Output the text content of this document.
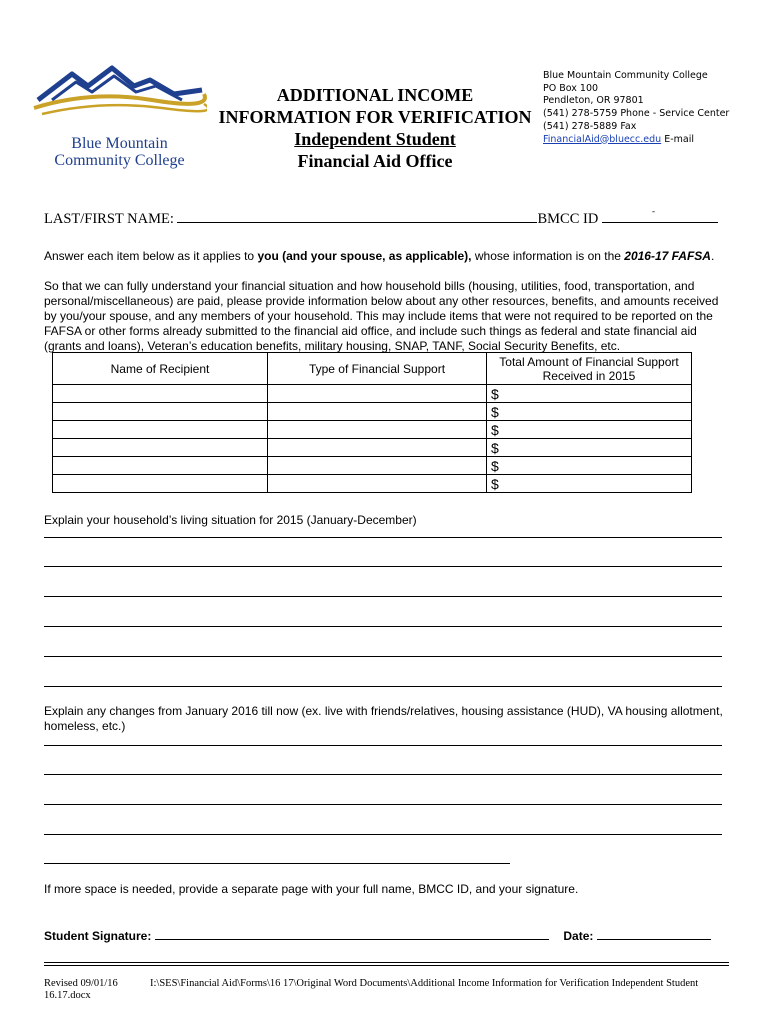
Blue Mountain
Community College
ADDITIONAL INCOME
INFORMATION FOR VERIFICATION
Independent Student
Financial Aid Office
Blue Mountain Community College
PO Box 100
Pendleton, OR 97801
(541) 278-5759 Phone - Service Center
(541) 278-5889 Fax
FinancialAid@bluecc.edu E-mail
LAST/FIRST NAME:	BMCC ID	-
Answer each item below as it applies to you (and your spouse, as applicable), whose information is on the 2016-17 FAFSA.
So that we can fully understand your financial situation and how household bills (housing, utilities, food, transportation, and personal/miscellaneous) are paid, please provide information below about any other resources, benefits, and amounts received by you/your spouse, and any members of your household. This may include items that were not required to be reported on the FAFSA or other forms already submitted to the financial aid office, and include such things as federal and state financial aid (grants and loans), Veteran’s education benefits, military housing, SNAP, TANF, Social Security Benefits, etc.
Name of Recipient	Type of Financial Support	Total Amount of Financial Support Received in 2015
		$
		$
		$
		$
		$
		$
Explain your household’s living situation for 2015 (January-December)
Explain any changes from January 2016 till now (ex. live with friends/relatives, housing assistance (HUD), VA housing allotment, homeless, etc.)
If more space is needed, provide a separate page with your full name, BMCC ID, and your signature.
Student Signature:	Date:
Revised 09/01/16
16.17.docx
I:\SES\Financial Aid\Forms\16 17\Original Word Documents\Additional Income Information for Verification Independent Student
